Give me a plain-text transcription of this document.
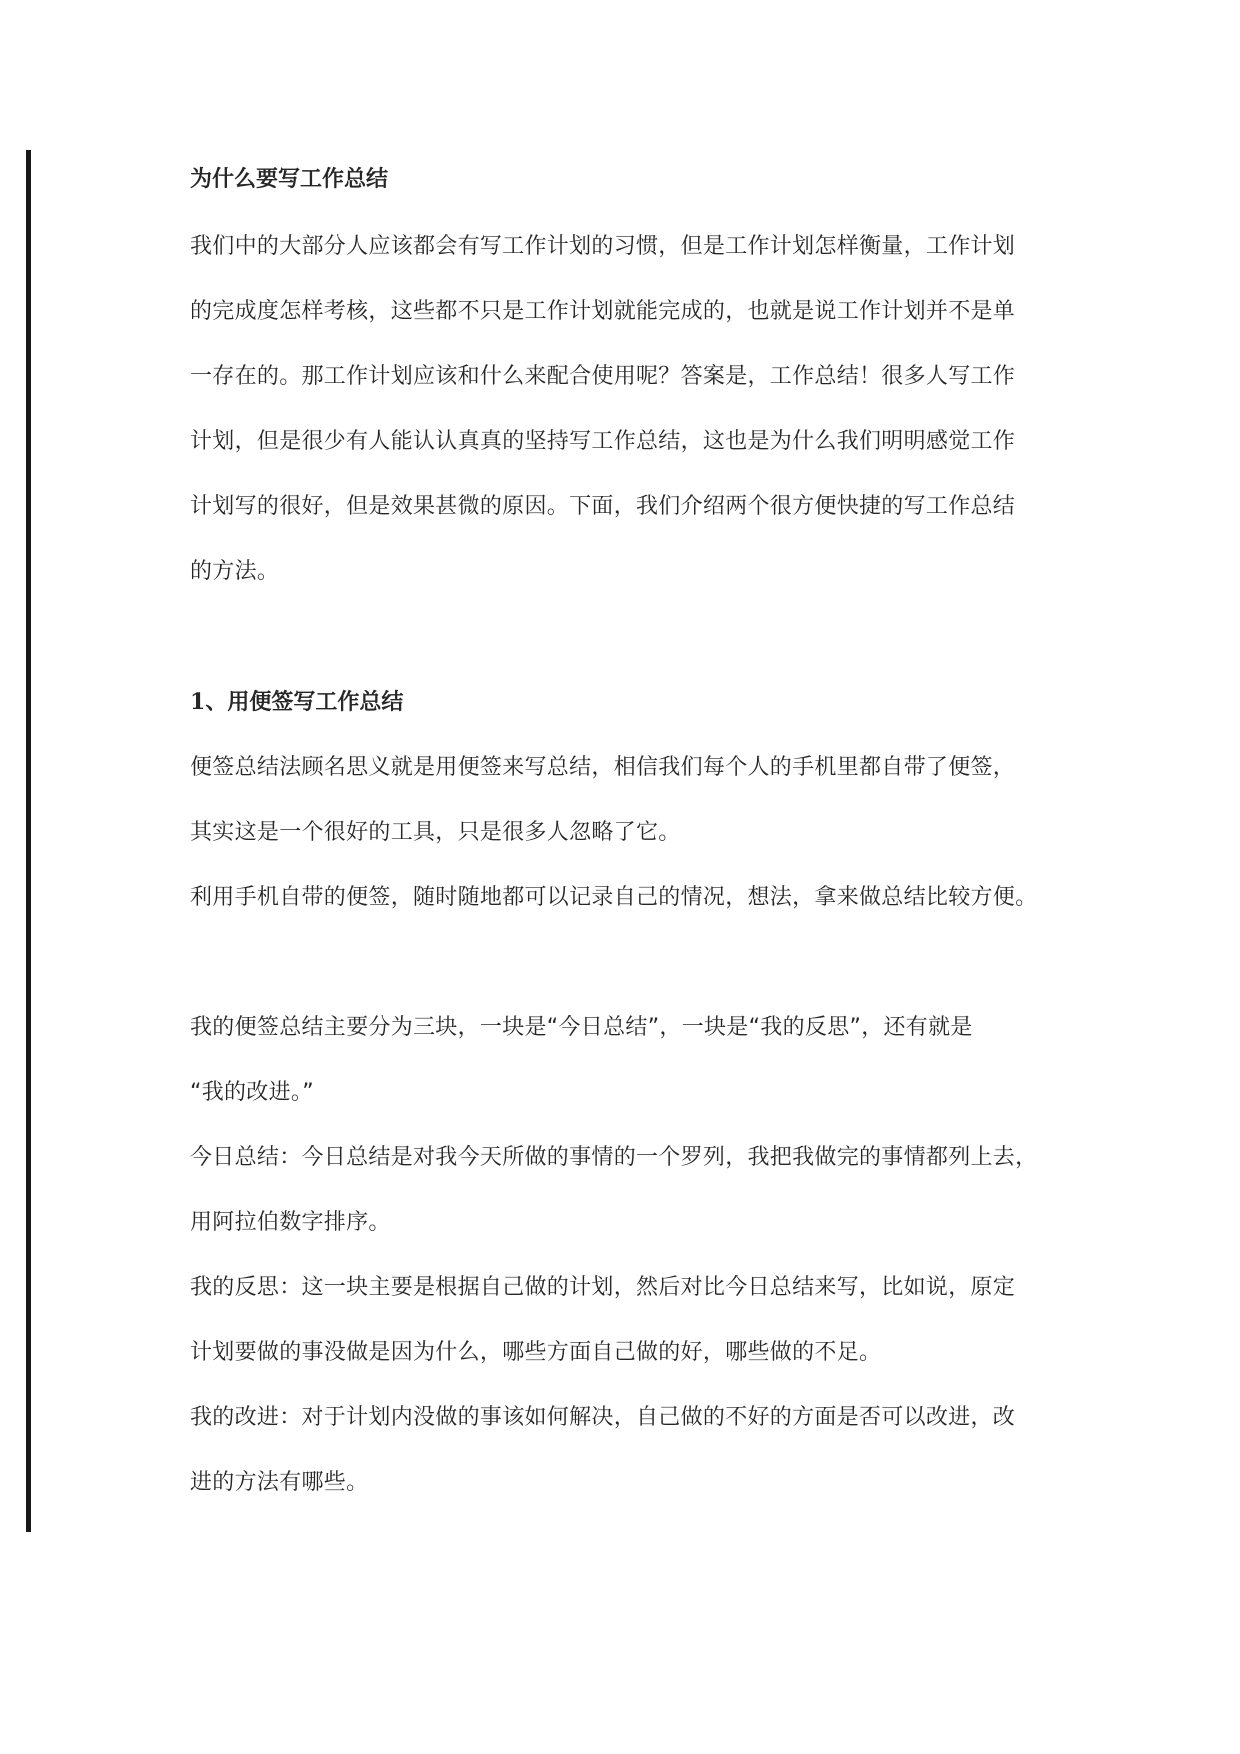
为什么要写工作总结
我们中的大部分人应该都会有写工作计划的习惯，但是工作计划怎样衡量，工作计划
的完成度怎样考核，这些都不只是工作计划就能完成的，也就是说工作计划并不是单
一存在的。那工作计划应该和什么来配合使用呢？答案是，工作总结！很多人写工作
计划，但是很少有人能认认真真的坚持写工作总结，这也是为什么我们明明感觉工作
计划写的很好，但是效果甚微的原因。下面，我们介绍两个很方便快捷的写工作总结
的方法。
1、用便签写工作总结
便签总结法顾名思义就是用便签来写总结，相信我们每个人的手机里都自带了便签，
其实这是一个很好的工具，只是很多人忽略了它。
利用手机自带的便签，随时随地都可以记录自己的情况，想法，拿来做总结比较方便。
我的便签总结主要分为三块，一块是“今日总结”，一块是“我的反思”，还有就是
“我的改进。”
今日总结：今日总结是对我今天所做的事情的一个罗列，我把我做完的事情都列上去，
用阿拉伯数字排序。
我的反思：这一块主要是根据自己做的计划，然后对比今日总结来写，比如说，原定
计划要做的事没做是因为什么，哪些方面自己做的好，哪些做的不足。
我的改进：对于计划内没做的事该如何解决，自己做的不好的方面是否可以改进，改
进的方法有哪些。
